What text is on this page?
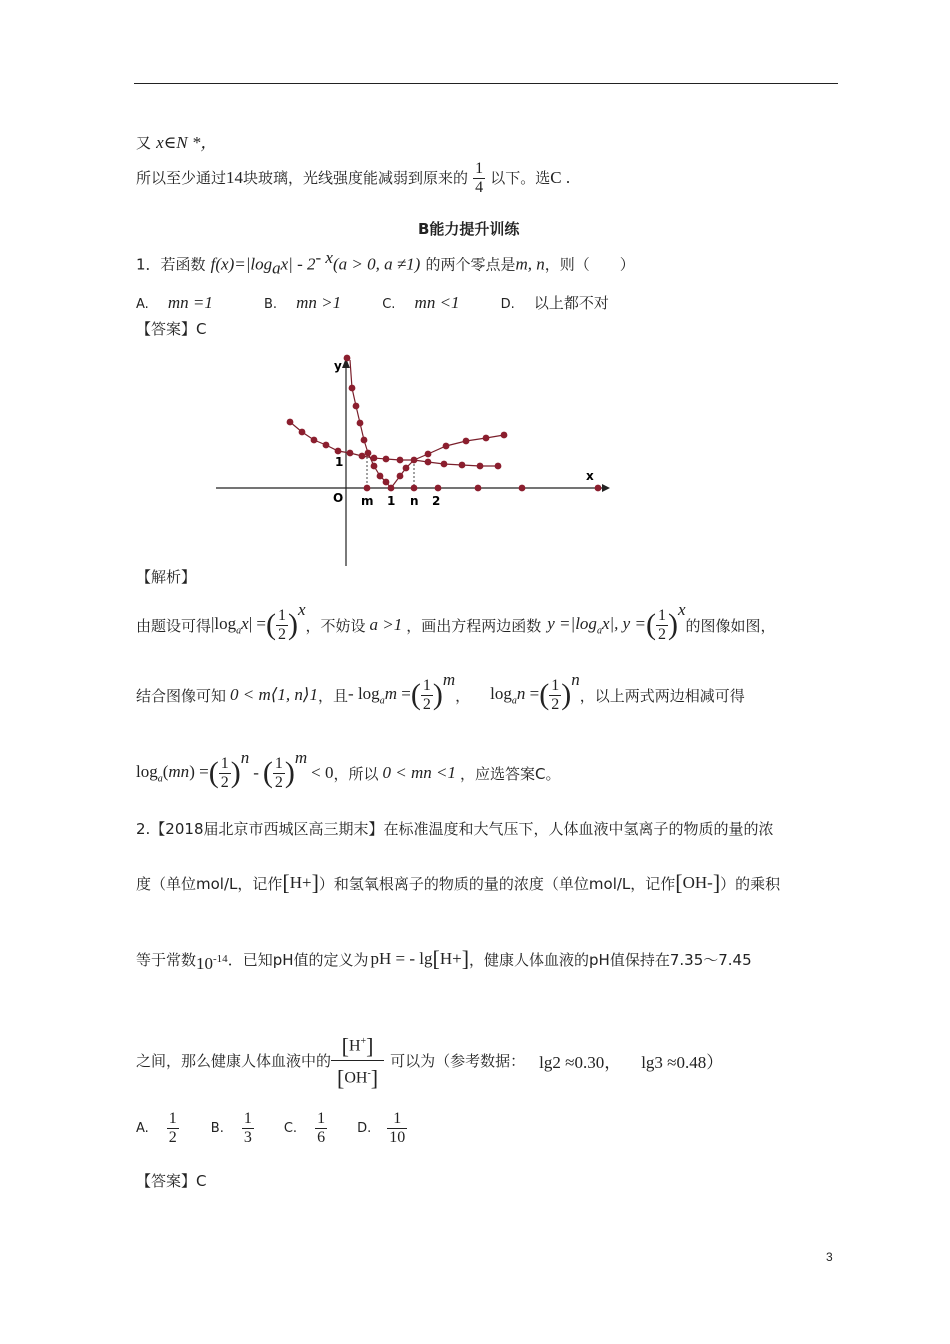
又 x∈N *，
所以至少通过14块玻璃，光线强度能减弱到原来的 $\frac{1}{4}$ 以下。选C .
B能力提升训练
1．若函数 $f(x)=|\log_ax| - 2^{- x}(a > 0$, a ≠1) 的两个零点是m, n，则（　　）
A. mn =1	B. mn >1	C. mn <1	D. 以上都不对
【答案】C
y
x
O
1
m 1 n 2
【解析】
由题设可得 $|\log_ax|$ = ( $\frac{1}{2}$ ) x
，不妨设 a >1 ，画出方程两边函数 $y =|\log_ax|$, y = ( $\frac{1}{2}$ ) x
的图像如图，
结合图像可知 0 < m⟨1, n⟩1 ，且 - $\log_am$ = ( $\frac{1}{2}$ ) m
， $\log_an$ = ( $\frac{1}{2}$ ) n
，以上两式两边相减可得
$\log_a(mn)$ = ( $\frac{1}{2}$ ) n
- ( $\frac{1}{2}$ ) m
< 0 ，所以 0 < mn <1 ，应选答案C。
2.【2018届北京市西城区高三期末】在标准温度和大气压下，人体血液中氢离子的物质的量的浓
度（单位mol/L，记作 [ H + ] ）和氢氧根离子的物质的量的浓度（单位mol/L，记作 [ OH - ] ）的乘积
等于常数 $10^{-14}$ ．已知pH值的定义为 pH = - lg [ H + ] ，健康人体血液的pH值保持在7.35～7.45
之间，那么健康人体血液中的 $\frac{[H^+]}{[OH^-]}$ 可以为（参考数据： lg2 ≈0.30， lg3 ≈0.48）
A. $\frac{1}{2} B$. $\frac{1}{3} C$. $\frac{1}{6} D$. $\frac{1}{10}$
【答案】C
3
